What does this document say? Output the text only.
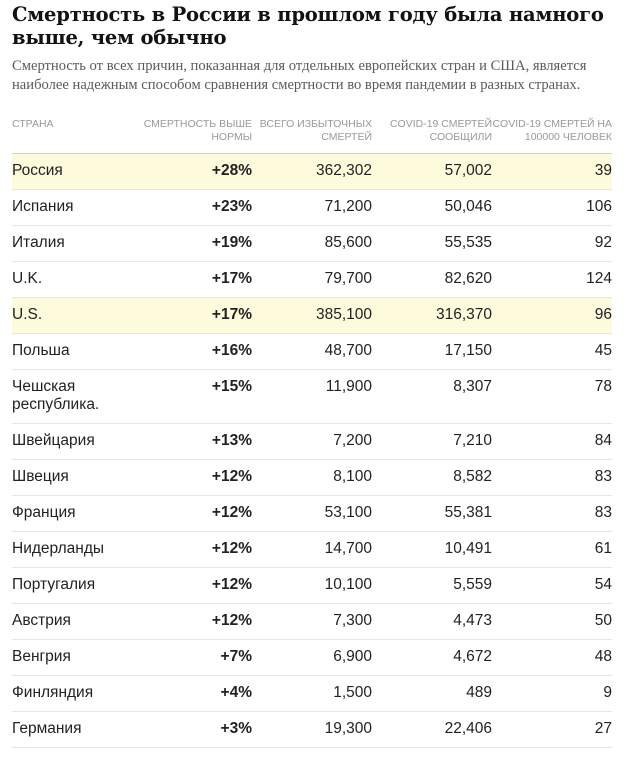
Смертность в России в прошлом году была намного выше, чем обычно

Смертность от всех причин, показанная для отдельных европейских стран и США, является наиболее надежным способом сравнения смертности во время пандемии в разных странах.

СТРАНА	СМЕРТНОСТЬ ВЫШЕ НОРМЫ	ВСЕГО ИЗБЫТОЧНЫХ СМЕРТЕЙ	COVID-19 СМЕРТЕЙ СООБЩИЛИ	COVID-19 СМЕРТЕЙ НА 100000 ЧЕЛОВЕК
Россия	+28%	362,302	57,002	39
Испания	+23%	71,200	50,046	106
Италия	+19%	85,600	55,535	92
U.K.	+17%	79,700	82,620	124
U.S.	+17%	385,100	316,370	96
Польша	+16%	48,700	17,150	45
Чешская республика.	+15%	11,900	8,307	78
Швейцария	+13%	7,200	7,210	84
Швеция	+12%	8,100	8,582	83
Франция	+12%	53,100	55,381	83
Нидерланды	+12%	14,700	10,491	61
Португалия	+12%	10,100	5,559	54
Австрия	+12%	7,300	4,473	50
Венгрия	+7%	6,900	4,672	48
Финляндия	+4%	1,500	489	9
Германия	+3%	19,300	22,406	27
